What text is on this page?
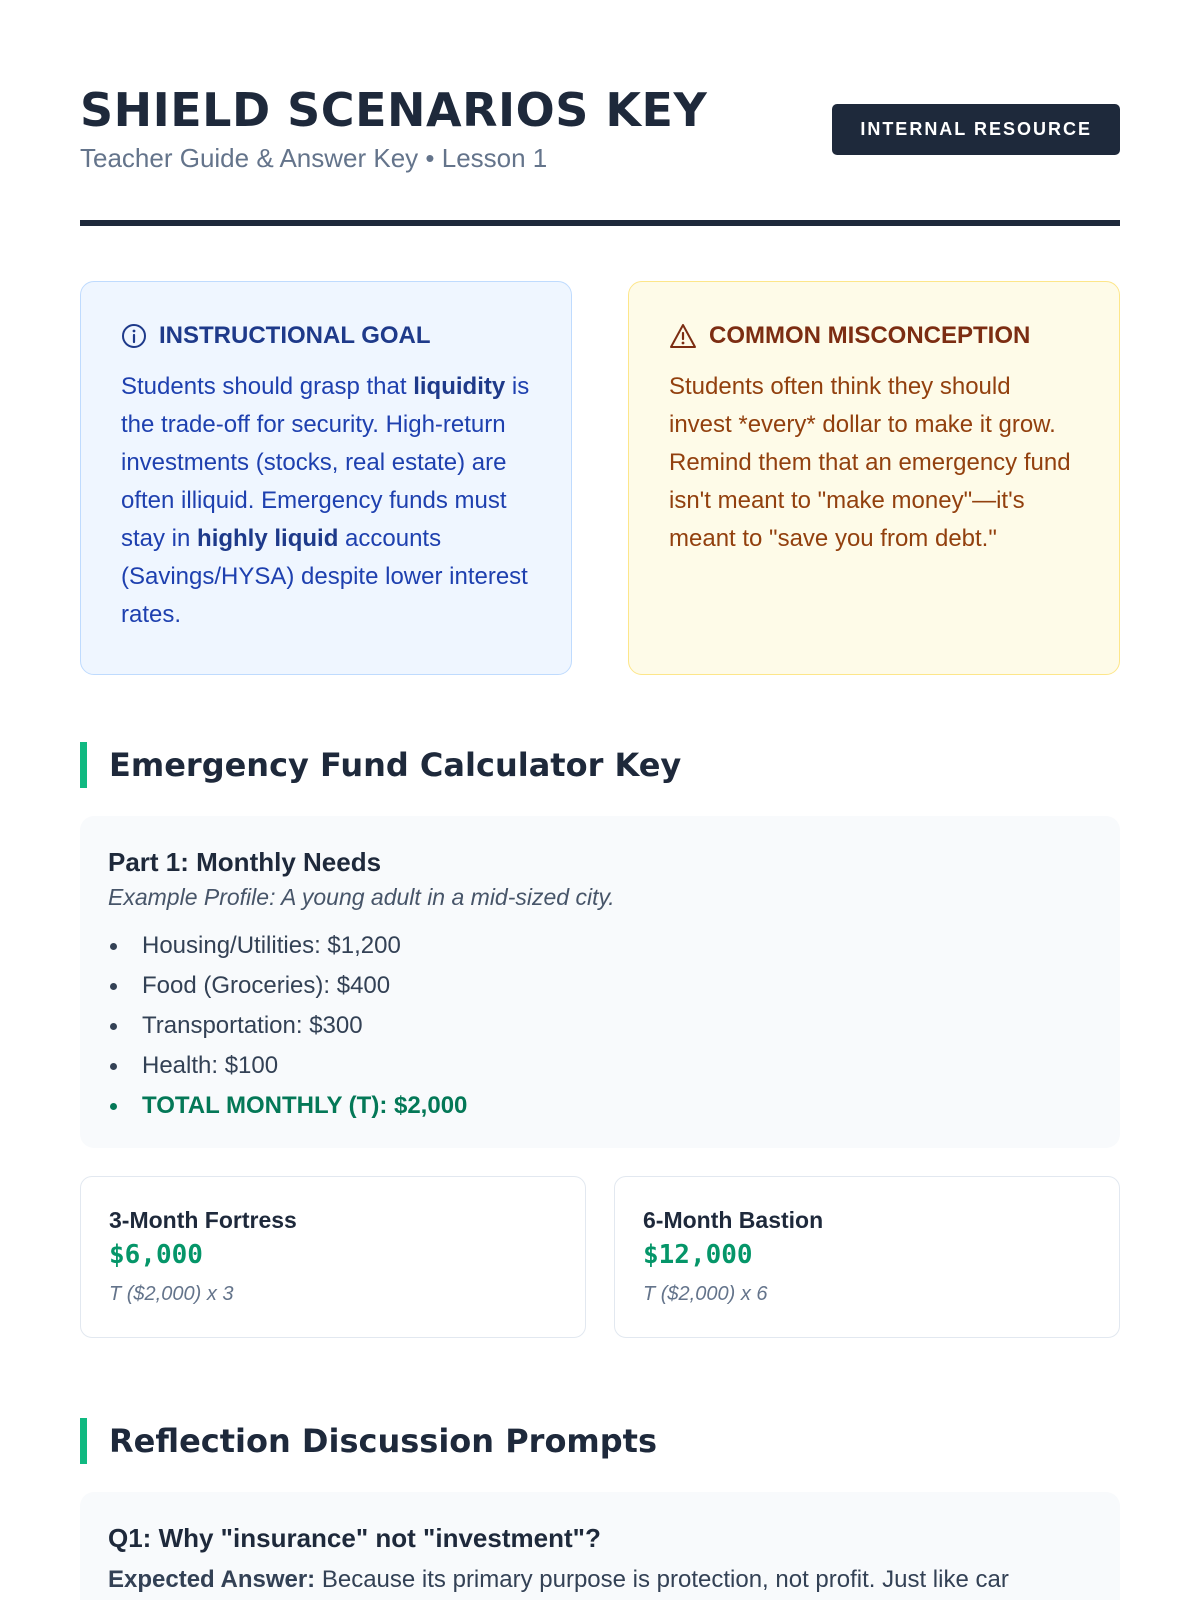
SHIELD SCENARIOS KEY
Teacher Guide & Answer Key • Lesson 1
INTERNAL RESOURCE
INSTRUCTIONAL GOAL
Students should grasp that liquidity is the trade-off for security. High-return investments (stocks, real estate) are often illiquid. Emergency funds must stay in highly liquid accounts (Savings/HYSA) despite lower interest rates.
COMMON MISCONCEPTION
Students often think they should invest *every* dollar to make it grow. Remind them that an emergency fund isn't meant to "make money"—it's meant to "save you from debt."
Emergency Fund Calculator Key
Part 1: Monthly Needs
Example Profile: A young adult in a mid-sized city.
Housing/Utilities: $1,200
Food (Groceries): $400
Transportation: $300
Health: $100
TOTAL MONTHLY (T): $2,000
3-Month Fortress
$6,000
T ($2,000) x 3
6-Month Bastion
$12,000
T ($2,000) x 6
Reflection Discussion Prompts
Q1: Why "insurance" not "investment"?
Expected Answer: Because its primary purpose is protection, not profit. Just like car
